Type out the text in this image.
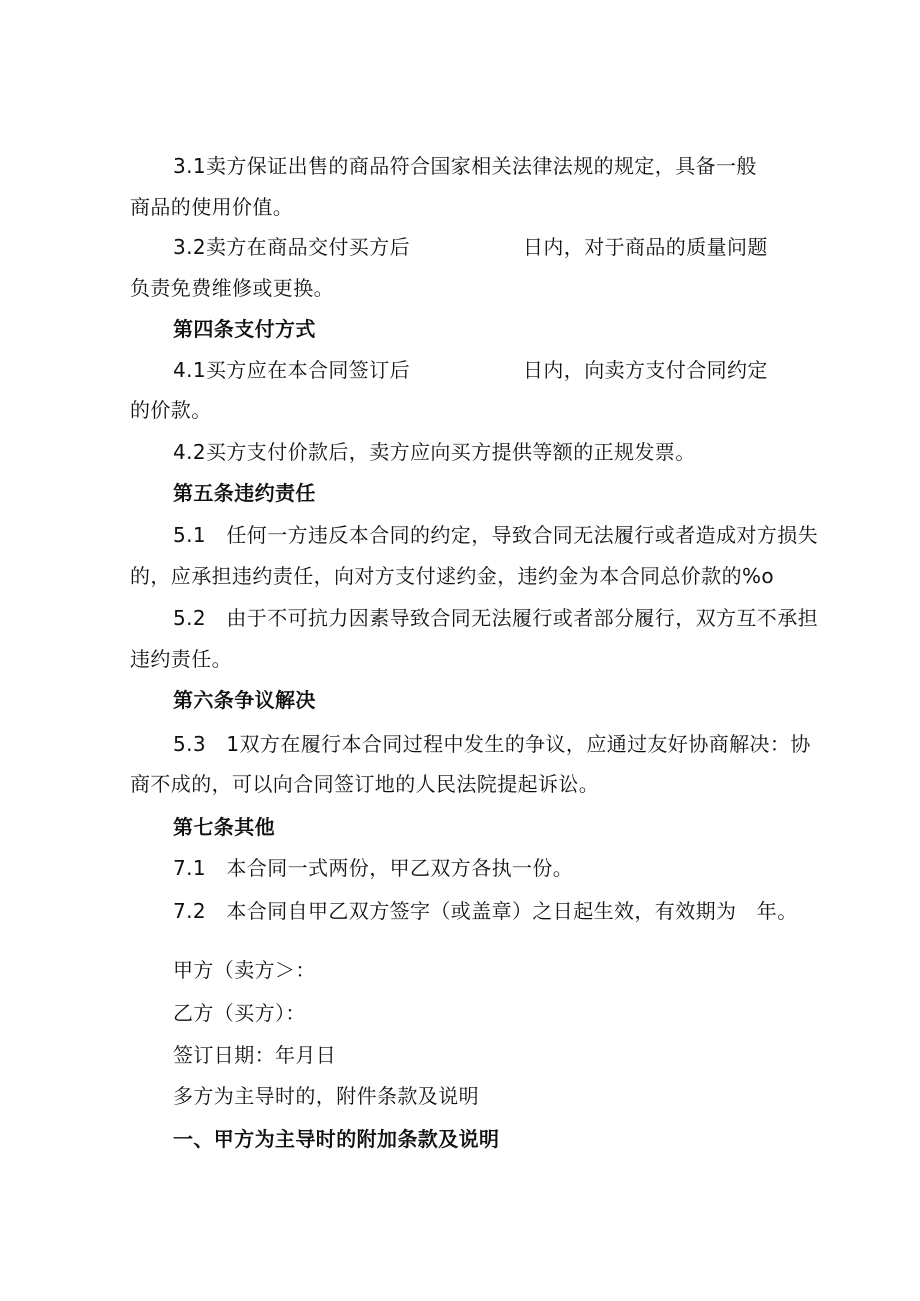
3.1卖方保证出售的商品符合国家相关法律法规的规定，具备一般
商品的使用价值。
3.2卖方在商品交付买方后	日内，对于商品的质量问题
负责免费维修或更换。
第四条支付方式
4.1买方应在本合同签订后	日内，向卖方支付合同约定
的价款。
4.2买方支付价款后，卖方应向买方提供等额的正规发票。
第五条违约责任
5.1　任何一方违反本合同的约定，导致合同无法履行或者造成对方损失
的，应承担违约责任，向对方支付逑约金，违约金为本合同总价款的%o
5.2　由于不可抗力因素导致合同无法履行或者部分履行，双方互不承担
违约责任。
第六条争议解决
5.3　1双方在履行本合同过程中发生的争议，应通过友好协商解决：协
商不成的，可以向合同签订地的人民法院提起诉讼。
第七条其他
7.1　本合同一式两份，甲乙双方各执一份。
7.2　本合同自甲乙双方签字（或盖章）之日起生效，有效期为　年。
甲方（卖方＞：
乙方（买方）：
签订日期：年月日
多方为主导时的，附件条款及说明
一、甲方为主导时的附加条款及说明
